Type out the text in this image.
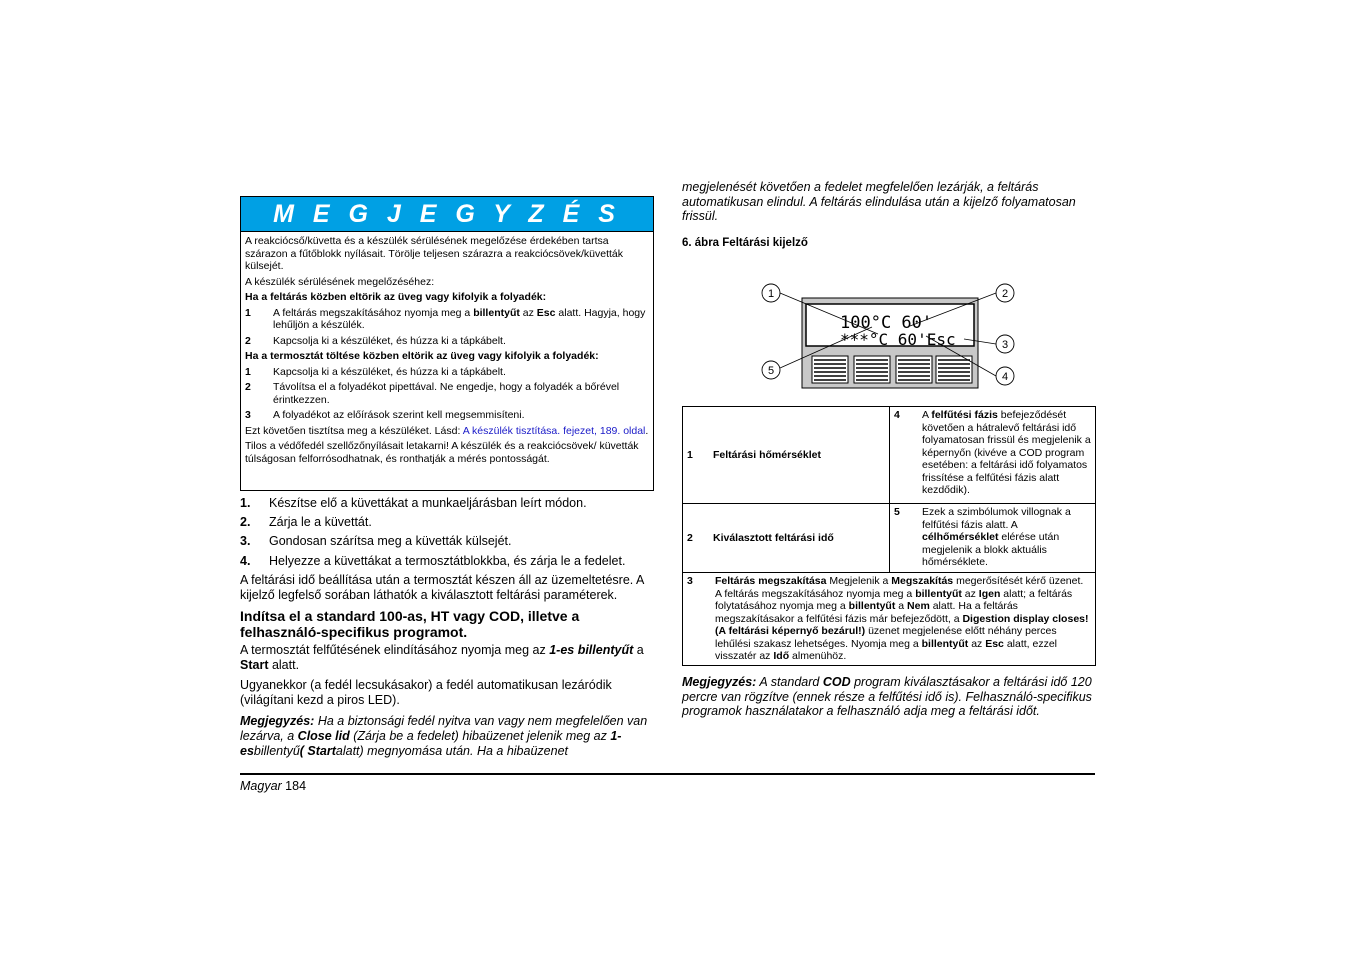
M E G J E G Y Z É S

A reakciócső/küvetta és a készülék sérülésének megelőzése érdekében tartsa szárazon a fűtőblokk nyílásait. Törölje teljesen szárazra a reakciócsövek/küvetták külsejét.

A készülék sérülésének megelőzéséhez:

Ha a feltárás közben eltörik az üveg vagy kifolyik a folyadék:

1	A feltárás megszakításához nyomja meg a billentyűt az Esc alatt. Hagyja, hogy lehűljön a készülék.
2	Kapcsolja ki a készüléket, és húzza ki a tápkábelt.

Ha a termosztát töltése közben eltörik az üveg vagy kifolyik a folyadék:

1	Kapcsolja ki a készüléket, és húzza ki a tápkábelt.
2	Távolítsa el a folyadékot pipettával. Ne engedje, hogy a folyadék a bőrével érintkezzen.
3	A folyadékot az előírások szerint kell megsemmisíteni.

Ezt követően tisztítsa meg a készüléket. Lásd: A készülék tisztítása. fejezet, 189. oldal.

Tilos a védőfedél szellőzőnyílásait letakarni! A készülék és a reakciócsövek/ küvetták túlságosan felforrósodhatnak, és ronthatják a mérés pontosságát.

1. Készítse elő a küvettákat a munkaeljárásban leírt módon.
2. Zárja le a küvettát.
3. Gondosan szárítsa meg a küvetták külsejét.
4. Helyezze a küvettákat a termosztátblokkba, és zárja le a fedelet.
A feltárási idő beállítása után a termosztát készen áll az üzemeltetésre. A kijelző legfelső sorában láthatók a kiválasztott feltárási paraméterek.
Indítsa el a standard 100-as, HT vagy COD, illetve a felhasználó-specifikus programot.
A termosztát felfűtésének elindításához nyomja meg az 1-es billentyűt a Start alatt.
Ugyanekkor (a fedél lecsukásakor) a fedél automatikusan lezáródik (világítani kezd a piros LED).
Megjegyzés: Ha a biztonsági fedél nyitva van vagy nem megfelelően van lezárva, a Close lid (Zárja be a fedelet) hibaüzenet jelenik meg az 1-esbillentyű( Startalatt) megnyomása után. Ha a hibaüzenet
megjelenését követően a fedelet megfelelően lezárják, a feltárás automatikusan elindul. A feltárás elindulása után a kijelző folyamatosan frissül.
6. ábra Feltárási kijelző
100°C 60'
***°C 60'Esc
1	2
3
4
5
1 Feltárási hőmérséklet	4 A felfűtési fázis befejeződését követően a hátralevő feltárási idő folyamatosan frissül és megjelenik a képernyőn (kivéve a COD program esetében: a feltárási idő folyamatos frissítése a felfűtési fázis alatt kezdődik).

2 Kiválasztott feltárási idő	5 Ezek a szimbólumok villognak a felfűtési fázis alatt. A célhőmérséklet elérése után megjelenik a blokk aktuális hőmérséklete.

3 Feltárás megszakítása Megjelenik a Megszakítás megerősítését kérő üzenet. A feltárás megszakításához nyomja meg a billentyűt az Igen alatt; a feltárás folytatásához nyomja meg a billentyűt a Nem alatt. Ha a feltárás megszakításakor a felfűtési fázis már befejeződött, a Digestion display closes! (A feltárási képernyő bezárul!) üzenet megjelenése előtt néhány perces lehűlési szakasz lehetséges. Nyomja meg a billentyűt az Esc alatt, ezzel visszatér az Idő almenühöz.	
Megjegyzés: A standard COD program kiválasztásakor a feltárási idő 120 percre van rögzítve (ennek része a felfűtési idő is). Felhasználó-specifikus programok használatakor a felhasználó adja meg a feltárási időt.
Magyar 184
